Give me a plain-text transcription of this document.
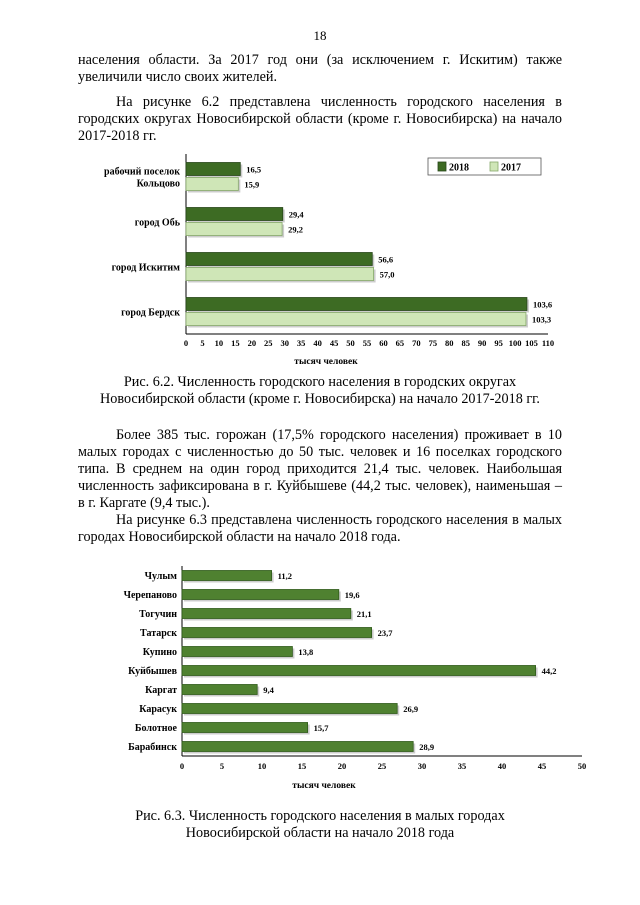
18

населения области. За 2017 год они (за исключением г. Искитим) также увеличили число своих жителей.

На рисунке 6.2 представлена численность городского населения в городских округах Новосибирской области (кроме г. Новосибирска) на начало 2017-2018 гг.

рабочий поселок Кольцово
16,5
15,9
город Обь
29,4
29,2
город Искитим
56,6
57,0
город Бердск
103,6
103,3
0 5 10 15 20 25 30 35 40 45 50 55 60 65 70 75 80 85 90 95 100 105 110
тысяч человек
2018	2017

Рис. 6.2. Численность городского населения в городских округах

Новосибирской области (кроме г. Новосибирска) на начало 2017-2018 гг.

Более 385 тыс. горожан (17,5% городского населения) проживает в 10 малых городах с численностью до 50 тыс. человек и 16 поселках городского типа. В среднем на один город приходится 21,4 тыс. человек. Наибольшая численность зафиксирована в г. Куйбышеве (44,2 тыс. человек), наименьшая – в г. Каргате (9,4 тыс.).

На рисунке 6.3 представлена численность городского населения в малых городах Новосибирской области на начало 2018 года.

Чулым	11,2
Черепаново	19,6
Тогучин	21,1
Татарск	23,7
Купино	13,8
Куйбышев	44,2
Каргат	9,4
Карасук	26,9
Болотное	15,7
Барабинск	28,9
0	5	10	15	20	25	30	35	40	45	50
тысяч человек

Рис. 6.3. Численность городского населения в малых городах

Новосибирской области на начало 2018 года
